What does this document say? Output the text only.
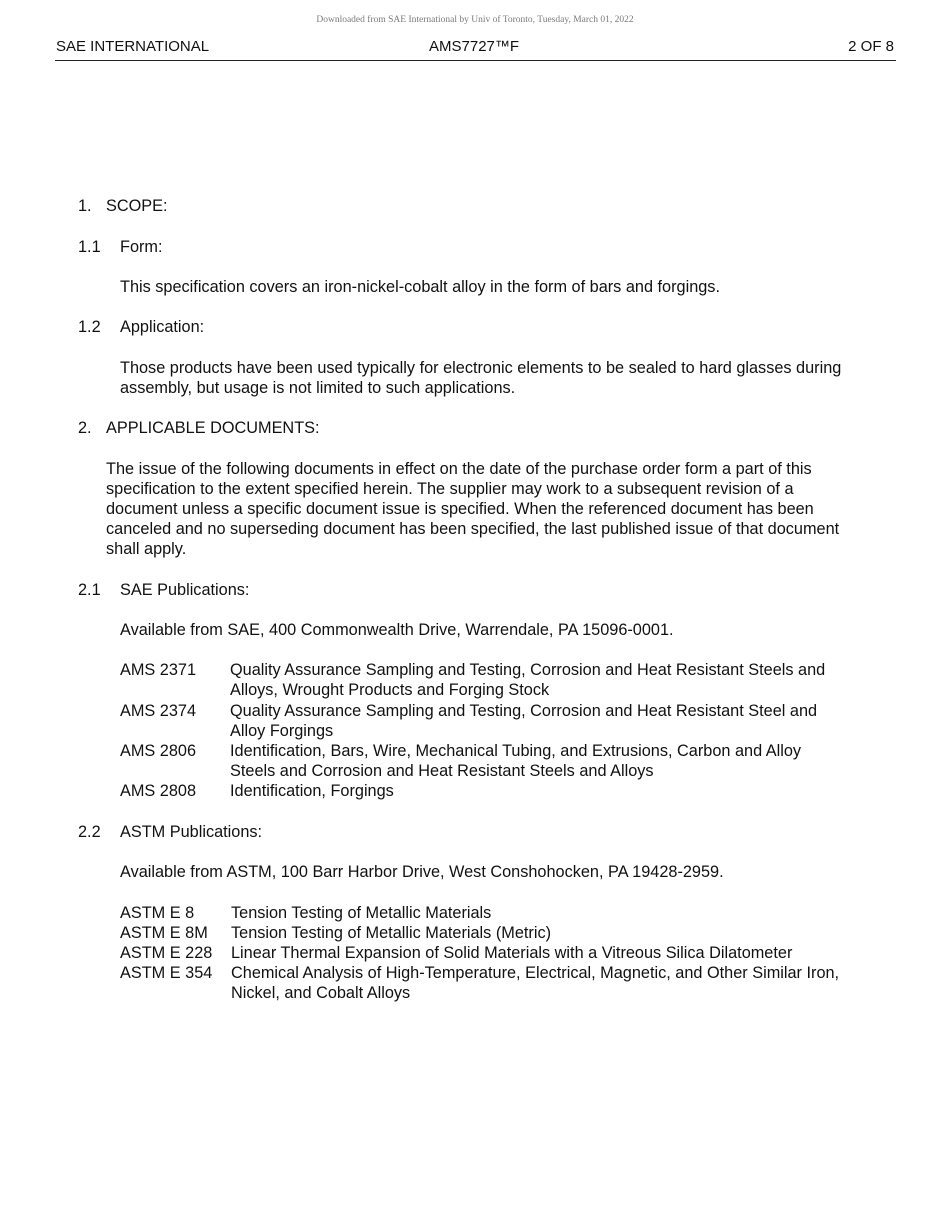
Downloaded from SAE International by Univ of Toronto, Tuesday, March 01, 2022
SAE INTERNATIONAL	AMS7727™F	2 OF 8
1. SCOPE:
1.1 Form:
This specification covers an iron-nickel-cobalt alloy in the form of bars and forgings.
1.2 Application:
Those products have been used typically for electronic elements to be sealed to hard glasses during
assembly, but usage is not limited to such applications.
2. APPLICABLE DOCUMENTS:
The issue of the following documents in effect on the date of the purchase order form a part of this
specification to the extent specified herein. The supplier may work to a subsequent revision of a
document unless a specific document issue is specified. When the referenced document has been
canceled and no superseding document has been specified, the last published issue of that document
shall apply.
2.1 SAE Publications:
Available from SAE, 400 Commonwealth Drive, Warrendale, PA 15096-0001.
AMS 2371 Quality Assurance Sampling and Testing, Corrosion and Heat Resistant Steels and
Alloys, Wrought Products and Forging Stock
AMS 2374 Quality Assurance Sampling and Testing, Corrosion and Heat Resistant Steel and
Alloy Forgings
AMS 2806 Identification, Bars, Wire, Mechanical Tubing, and Extrusions, Carbon and Alloy
Steels and Corrosion and Heat Resistant Steels and Alloys
AMS 2808 Identification, Forgings
2.2 ASTM Publications:
Available from ASTM, 100 Barr Harbor Drive, West Conshohocken, PA 19428-2959.
ASTM E 8 Tension Testing of Metallic Materials
ASTM E 8M Tension Testing of Metallic Materials (Metric)
ASTM E 228 Linear Thermal Expansion of Solid Materials with a Vitreous Silica Dilatometer
ASTM E 354 Chemical Analysis of High-Temperature, Electrical, Magnetic, and Other Similar Iron,
Nickel, and Cobalt Alloys
